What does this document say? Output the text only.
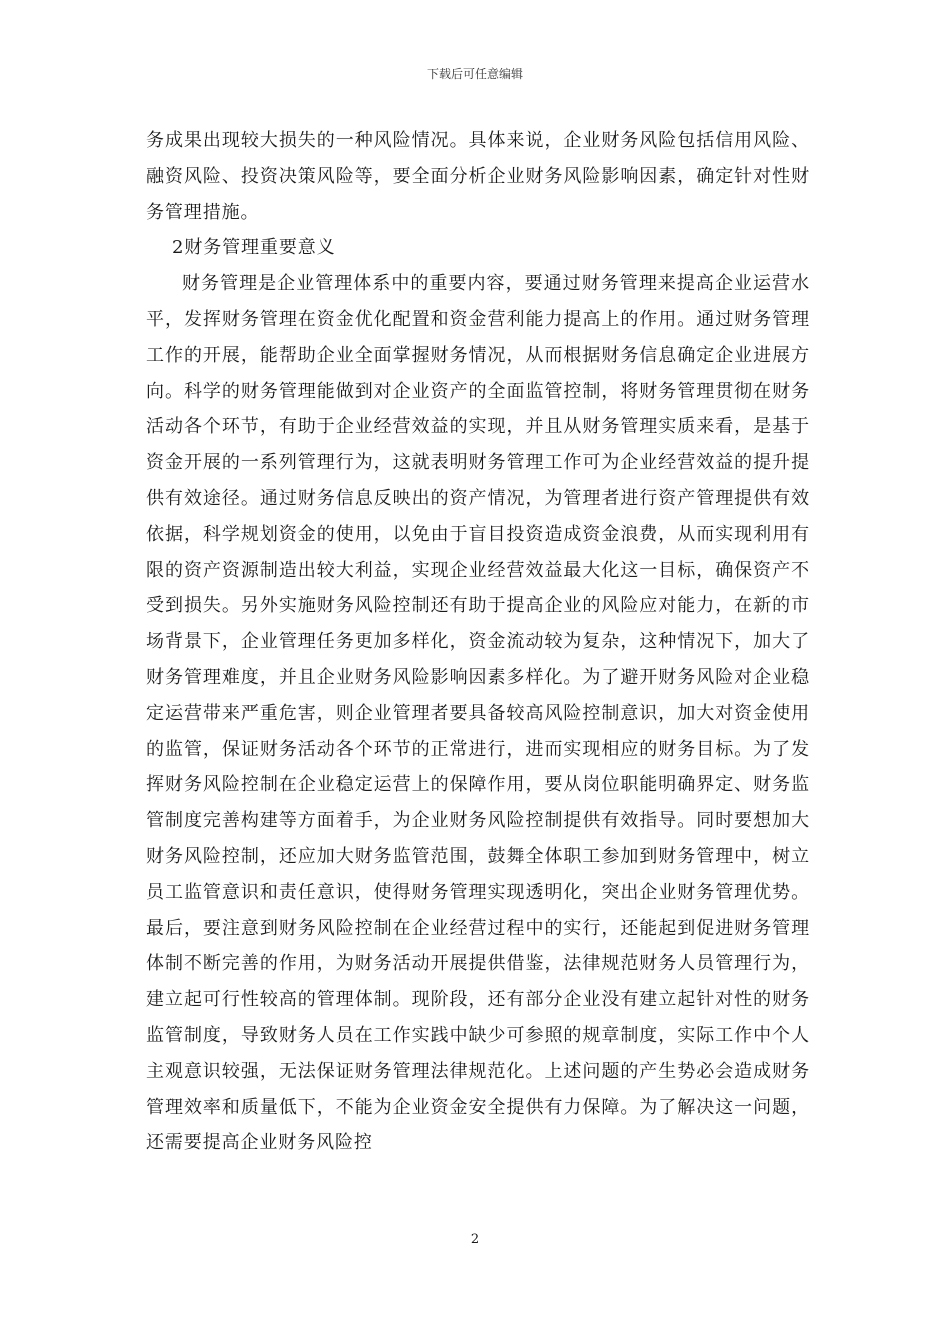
下载后可任意编辑

务成果出现较大损失的一种风险情况。具体来说，企业财务风险包括信用风险、融资风险、投资决策风险等，要全面分析企业财务风险影响因素，确定针对性财务管理措施。

2财务管理重要意义

财务管理是企业管理体系中的重要内容，要通过财务管理来提高企业运营水平，发挥财务管理在资金优化配置和资金营利能力提高上的作用。通过财务管理工作的开展，能帮助企业全面掌握财务情况，从而根据财务信息确定企业进展方向。科学的财务管理能做到对企业资产的全面监管控制，将财务管理贯彻在财务活动各个环节，有助于企业经营效益的实现，并且从财务管理实质来看，是基于资金开展的一系列管理行为，这就表明财务管理工作可为企业经营效益的提升提供有效途径。通过财务信息反映出的资产情况，为管理者进行资产管理提供有效依据，科学规划资金的使用，以免由于盲目投资造成资金浪费，从而实现利用有限的资产资源制造出较大利益，实现企业经营效益最大化这一目标，确保资产不受到损失。另外实施财务风险控制还有助于提高企业的风险应对能力，在新的市场背景下，企业管理任务更加多样化，资金流动较为复杂，这种情况下，加大了财务管理难度，并且企业财务风险影响因素多样化。为了避开财务风险对企业稳定运营带来严重危害，则企业管理者要具备较高风险控制意识，加大对资金使用的监管，保证财务活动各个环节的正常进行，进而实现相应的财务目标。为了发挥财务风险控制在企业稳定运营上的保障作用，要从岗位职能明确界定、财务监管制度完善构建等方面着手，为企业财务风险控制提供有效指导。同时要想加大财务风险控制，还应加大财务监管范围，鼓舞全体职工参加到财务管理中，树立员工监管意识和责任意识，使得财务管理实现透明化，突出企业财务管理优势。最后，要注意到财务风险控制在企业经营过程中的实行，还能起到促进财务管理体制不断完善的作用，为财务活动开展提供借鉴，法律规范财务人员管理行为，建立起可行性较高的管理体制。现阶段，还有部分企业没有建立起针对性的财务监管制度，导致财务人员在工作实践中缺少可参照的规章制度，实际工作中个人主观意识较强，无法保证财务管理法律规范化。上述问题的产生势必会造成财务管理效率和质量低下，不能为企业资金安全提供有力保障。为了解决这一问题，还需要提高企业财务风险控

2
